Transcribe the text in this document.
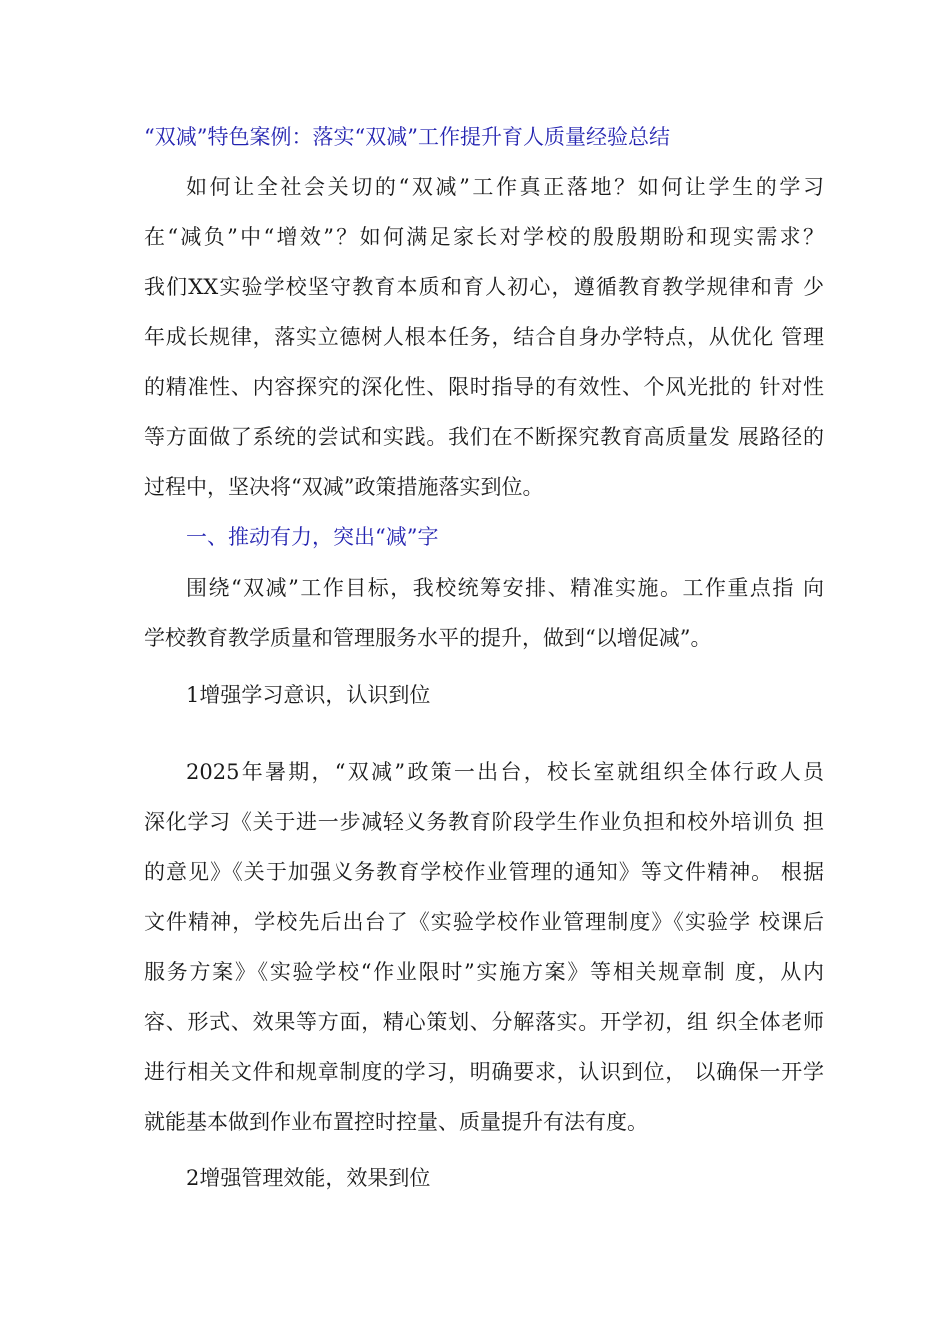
“双减”特色案例：落实“双减”工作提升育人质量经验总结
如何让全社会关切的“双减”工作真正落地？如何让学生的学习
在“减负”中“增效”？如何满足家长对学校的殷殷期盼和现实需求？
我们XX实验学校坚守教育本质和育人初心，遵循教育教学规律和青 少
年成长规律，落实立德树人根本任务，结合自身办学特点，从优化 管理
的精准性、内容探究的深化性、限时指导的有效性、个风光批的 针对性
等方面做了系统的尝试和实践。我们在不断探究教育高质量发 展路径的
过程中，坚决将“双减”政策措施落实到位。
一、推动有力，突出“减”字
围绕“双减”工作目标，我校统筹安排、精准实施。工作重点指 向
学校教育教学质量和管理服务水平的提升，做到“以增促减”。
1增强学习意识，认识到位
2025年暑期，“双减”政策一出台，校长室就组织全体行政人员
深化学习《关于进一步减轻义务教育阶段学生作业负担和校外培训负 担
的意见》《关于加强义务教育学校作业管理的通知》等文件精神。 根据
文件精神，学校先后出台了《实验学校作业管理制度》《实验学 校课后
服务方案》《实验学校“作业限时”实施方案》等相关规章制 度，从内
容、形式、效果等方面，精心策划、分解落实。开学初，组 织全体老师
进行相关文件和规章制度的学习，明确要求，认识到位， 以确保一开学
就能基本做到作业布置控时控量、质量提升有法有度。
2增强管理效能，效果到位
